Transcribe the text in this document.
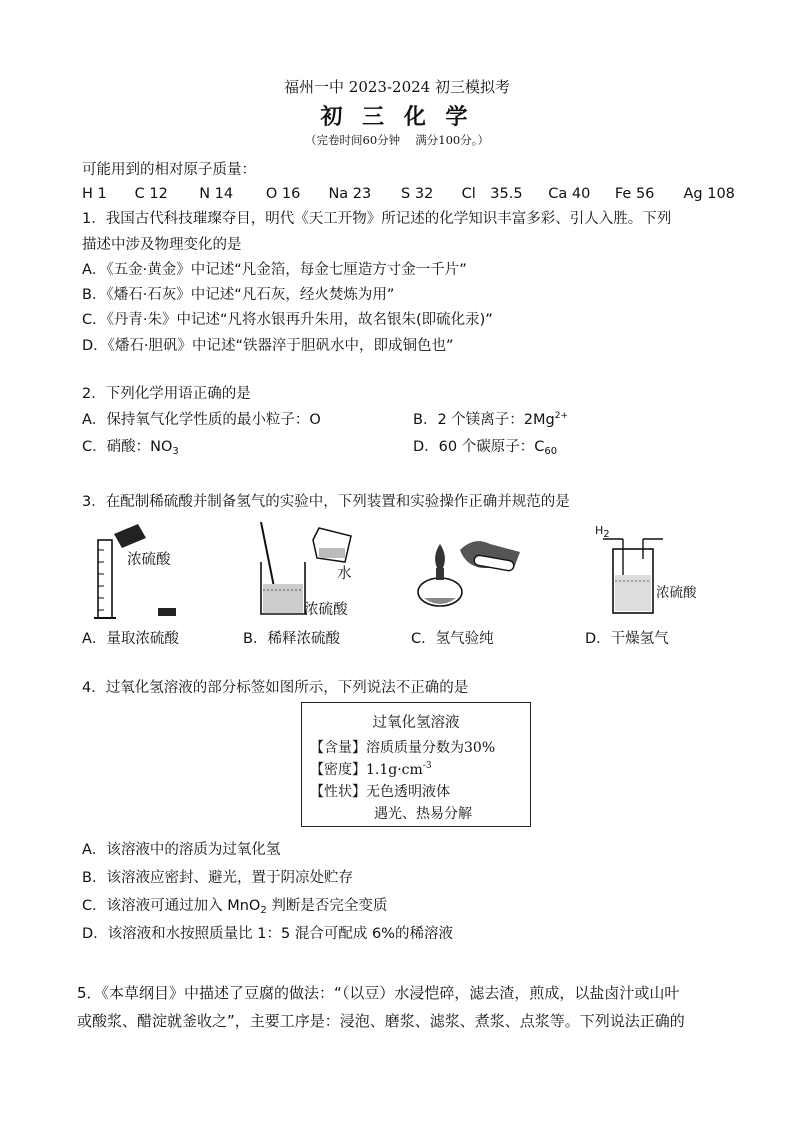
福州一中 2023-2024 初三模拟考
初 三 化 学
（完卷时间60分钟　 满分100分。）
可能用到的相对原子质量：
H 1 C 12 N 14 O 16 Na 23 S 32 Cl　35.5 Ca 40 Fe 56 Ag 108
1．我国古代科技璀璨夺目，明代《天工开物》所记述的化学知识丰富多彩、引人入胜。下列
描述中涉及物理变化的是
A．《五金·黄金》中记述“凡金箔，每金七厘造方寸金一千片”
B．《燔石·石灰》中记述“凡石灰，经火焚炼为用”
C．《丹青·朱》中记述“凡将水银再升朱用，故名银朱(即硫化汞)”
D．《燔石·胆矾》中记述“铁器淬于胆矾水中，即成铜色也”
2．下列化学用语正确的是
A．保持氧气化学性质的最小粒子：O	B．2 个镁离子：$2Mg^{2+}$
C．硝酸：$NO_3$	D．60 个碳原子：$C_{60}$
3．在配制稀硫酸并制备氢气的实验中，下列装置和实验操作正确并规范的是
浓硫酸
水
浓硫酸
$H_2$
浓硫酸
A．量取浓硫酸	B．稀释浓硫酸	C．氢气验纯	D．干燥氢气
4．过氧化氢溶液的部分标签如图所示，下列说法不正确的是
过氧化氢溶液
【含量】溶质质量分数为30%
【密度】$1.1g\cdot cm^{-3}$
【性状】无色透明液体
遇光、热易分解
A．该溶液中的溶质为过氧化氢
B．该溶液应密封、避光，置于阴凉处贮存
C．该溶液可通过加入 MnO$_2$ 判断是否完全变质
D．该溶液和水按照质量比 1：5 混合可配成 6%的稀溶液
5．《本草纲目》中描述了豆腐的做法：“（以豆）水浸恺碎，滤去渣，煎成，以盐卤汁或山叶
或酸浆、醋淀就釜收之”，主要工序是：浸泡、磨浆、滤浆、煮浆、点浆等。下列说法正确的
